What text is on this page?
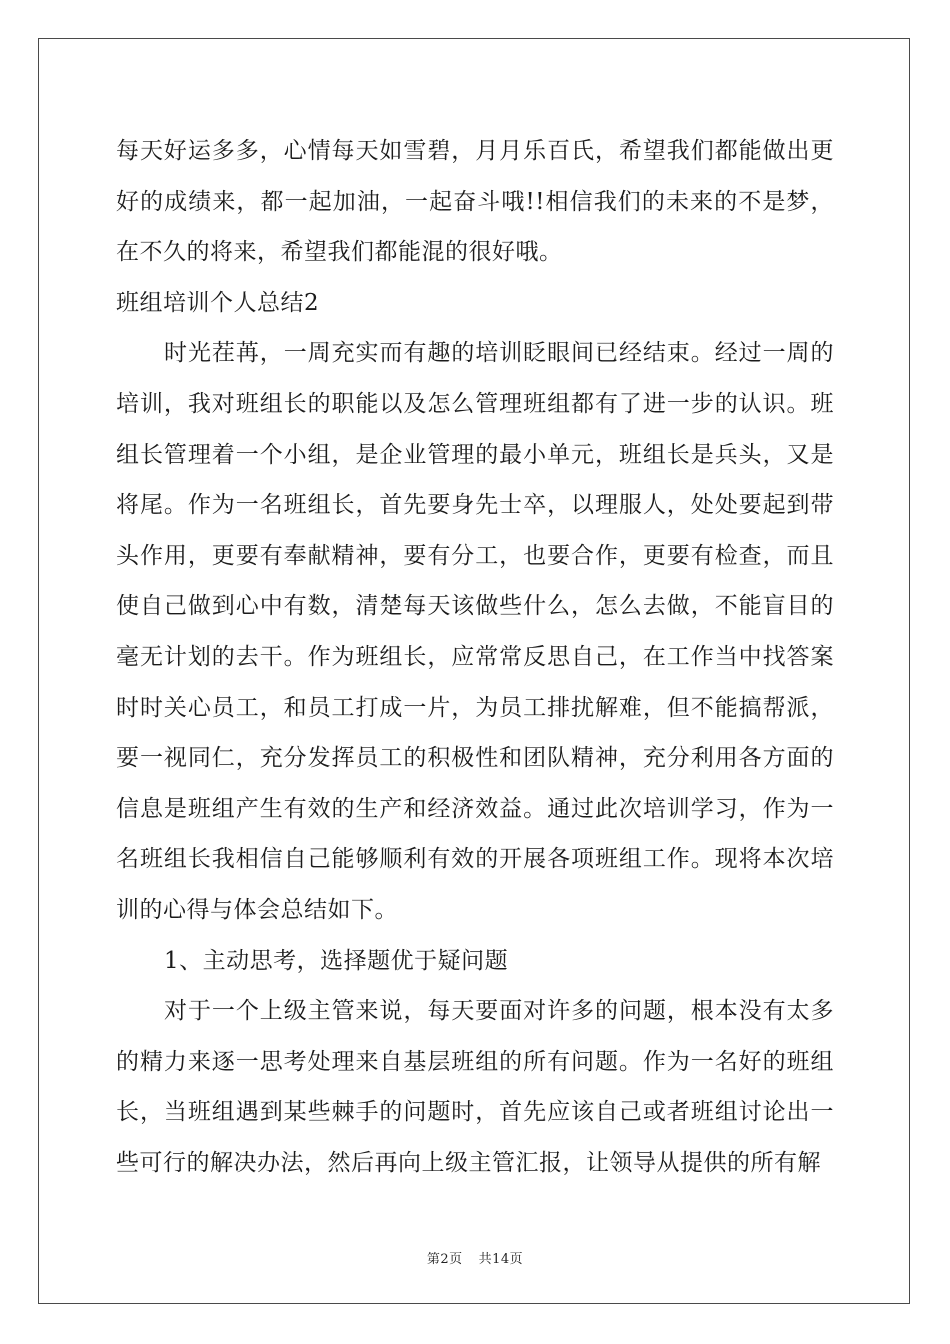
每天好运多多，心情每天如雪碧，月月乐百氏，希望我们都能做出更好的成绩来，都一起加油，一起奋斗哦!!相信我们的未来的不是梦，在不久的将来，希望我们都能混的很好哦。

班组培训个人总结2

时光茬苒，一周充实而有趣的培训眨眼间已经结束。经过一周的培训，我对班组长的职能以及怎么管理班组都有了进一步的认识。班组长管理着一个小组，是企业管理的最小单元，班组长是兵头，又是将尾。作为一名班组长，首先要身先士卒，以理服人，处处要起到带头作用，更要有奉献精神，要有分工，也要合作，更要有检查，而且使自己做到心中有数，清楚每天该做些什么，怎么去做，不能盲目的毫无计划的去干。作为班组长，应常常反思自己，在工作当中找答案时时关心员工，和员工打成一片，为员工排扰解难，但不能搞帮派，要一视同仁，充分发挥员工的积极性和团队精神，充分利用各方面的信息是班组产生有效的生产和经济效益。通过此次培训学习，作为一名班组长我相信自己能够顺利有效的开展各项班组工作。现将本次培训的心得与体会总结如下。

1、主动思考，选择题优于疑问题

对于一个上级主管来说，每天要面对许多的问题，根本没有太多的精力来逐一思考处理来自基层班组的所有问题。作为一名好的班组长，当班组遇到某些棘手的问题时，首先应该自己或者班组讨论出一些可行的解决办法，然后再向上级主管汇报，让领导从提供的所有解

第2页 共14页
